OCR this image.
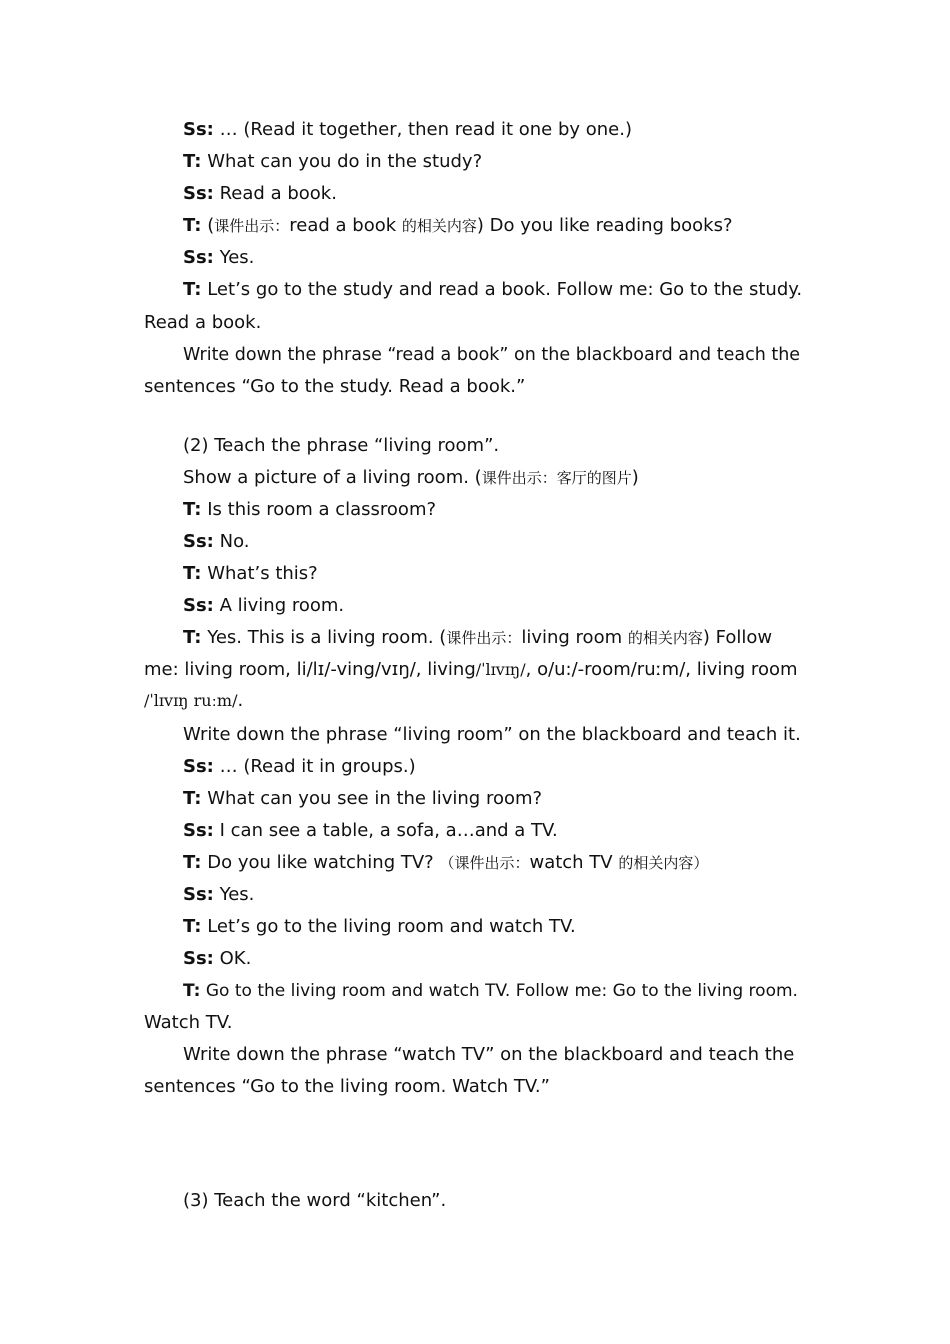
Ss: … (Read it together, then read it one by one.)
T: What can you do in the study?
Ss: Read a book.
T: (课件出示：read a book 的相关内容) Do you like reading books?
Ss: Yes.
T: Let’s go to the study and read a book. Follow me: Go to the study.
Read a book.
Write down the phrase “read a book” on the blackboard and teach the
sentences “Go to the study. Read a book.”
(2) Teach the phrase “living room”.
Show a picture of a living room. (课件出示：客厅的图片)
T: Is this room a classroom?
Ss: No.
T: What’s this?
Ss: A living room.
T: Yes. This is a living room. (课件出示：living room 的相关内容) Follow
me: living room, li/lɪ/-ving/vɪŋ/, living/ˈlɪvɪŋ/, o/u:/-room/ruːm/, living room
/ˈlɪvɪŋ ruːm/.
Write down the phrase “living room” on the blackboard and teach it.
Ss: … (Read it in groups.)
T: What can you see in the living room?
Ss: I can see a table, a sofa, a…and a TV.
T: Do you like watching TV? （课件出示：watch TV 的相关内容）
Ss: Yes.
T: Let’s go to the living room and watch TV.
Ss: OK.
T: Go to the living room and watch TV. Follow me: Go to the living room.
Watch TV.
Write down the phrase “watch TV” on the blackboard and teach the
sentences “Go to the living room. Watch TV.”
(3) Teach the word “kitchen”.
